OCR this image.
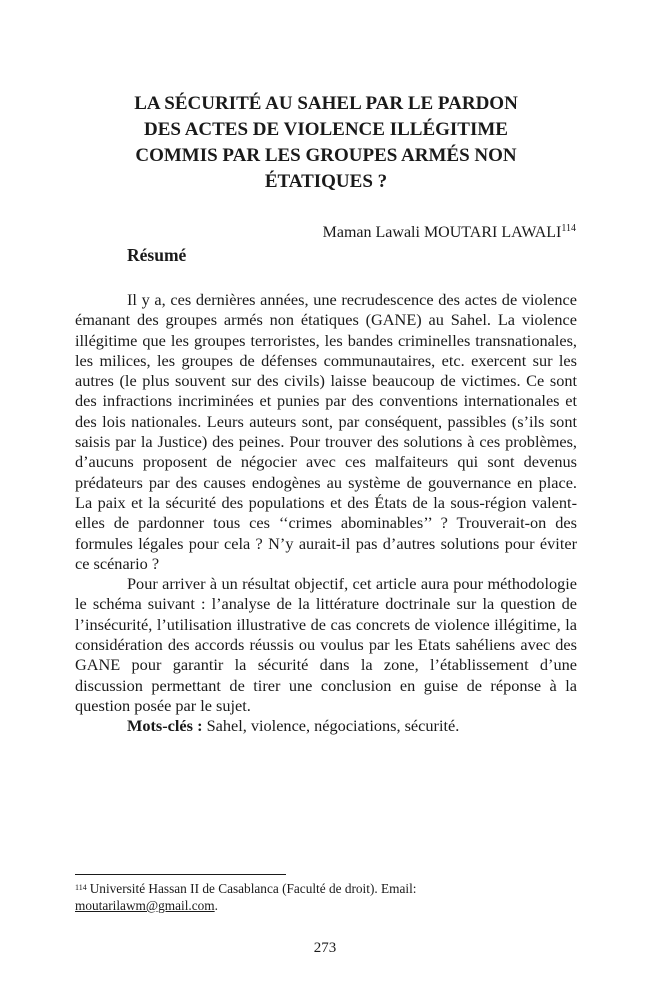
LA SÉCURITÉ AU SAHEL PAR LE PARDON
DES ACTES DE VIOLENCE ILLÉGITIME
COMMIS PAR LES GROUPES ARMÉS NON
ÉTATIQUES ?
Maman Lawali MOUTARI LAWALI$^{114}$
Résumé

Il y a, ces dernières années, une recrudescence des actes de violence émanant des groupes armés non étatiques (GANE) au Sahel. La violence illégitime que les groupes terroristes, les bandes criminelles transnationales, les milices, les groupes de défenses communautaires, etc. exercent sur les autres (le plus souvent sur des civils) laisse beaucoup de victimes. Ce sont des infractions incriminées et punies par des conventions internationales et des lois nationales. Leurs auteurs sont, par conséquent, passibles (s’ils sont saisis par la Justice) des peines. Pour trouver des solutions à ces problèmes, d’aucuns proposent de négocier avec ces malfaiteurs qui sont devenus prédateurs par des causes endogènes au système de gouvernance en place. La paix et la sécurité des populations et des États de la sous-région valent-elles de pardonner tous ces ‘‘crimes abominables’’ ? Trouverait-on des formules légales pour cela ? N’y aurait-il pas d’autres solutions pour éviter ce scénario ?

Pour arriver à un résultat objectif, cet article aura pour méthodologie le schéma suivant : l’analyse de la littérature doctrinale sur la question de l’insécurité, l’utilisation illustrative de cas concrets de violence illégitime, la considération des accords réussis ou voulus par les Etats sahéliens avec des GANE pour garantir la sécurité dans la zone, l’établissement d’une discussion permettant de tirer une conclusion en guise de réponse à la question posée par le sujet.

Mots-clés : Sahel, violence, négociations, sécurité.

$^{114}$ Université Hassan II de Casablanca (Faculté de droit). Email:
moutarilawm@gmail.com.
273
